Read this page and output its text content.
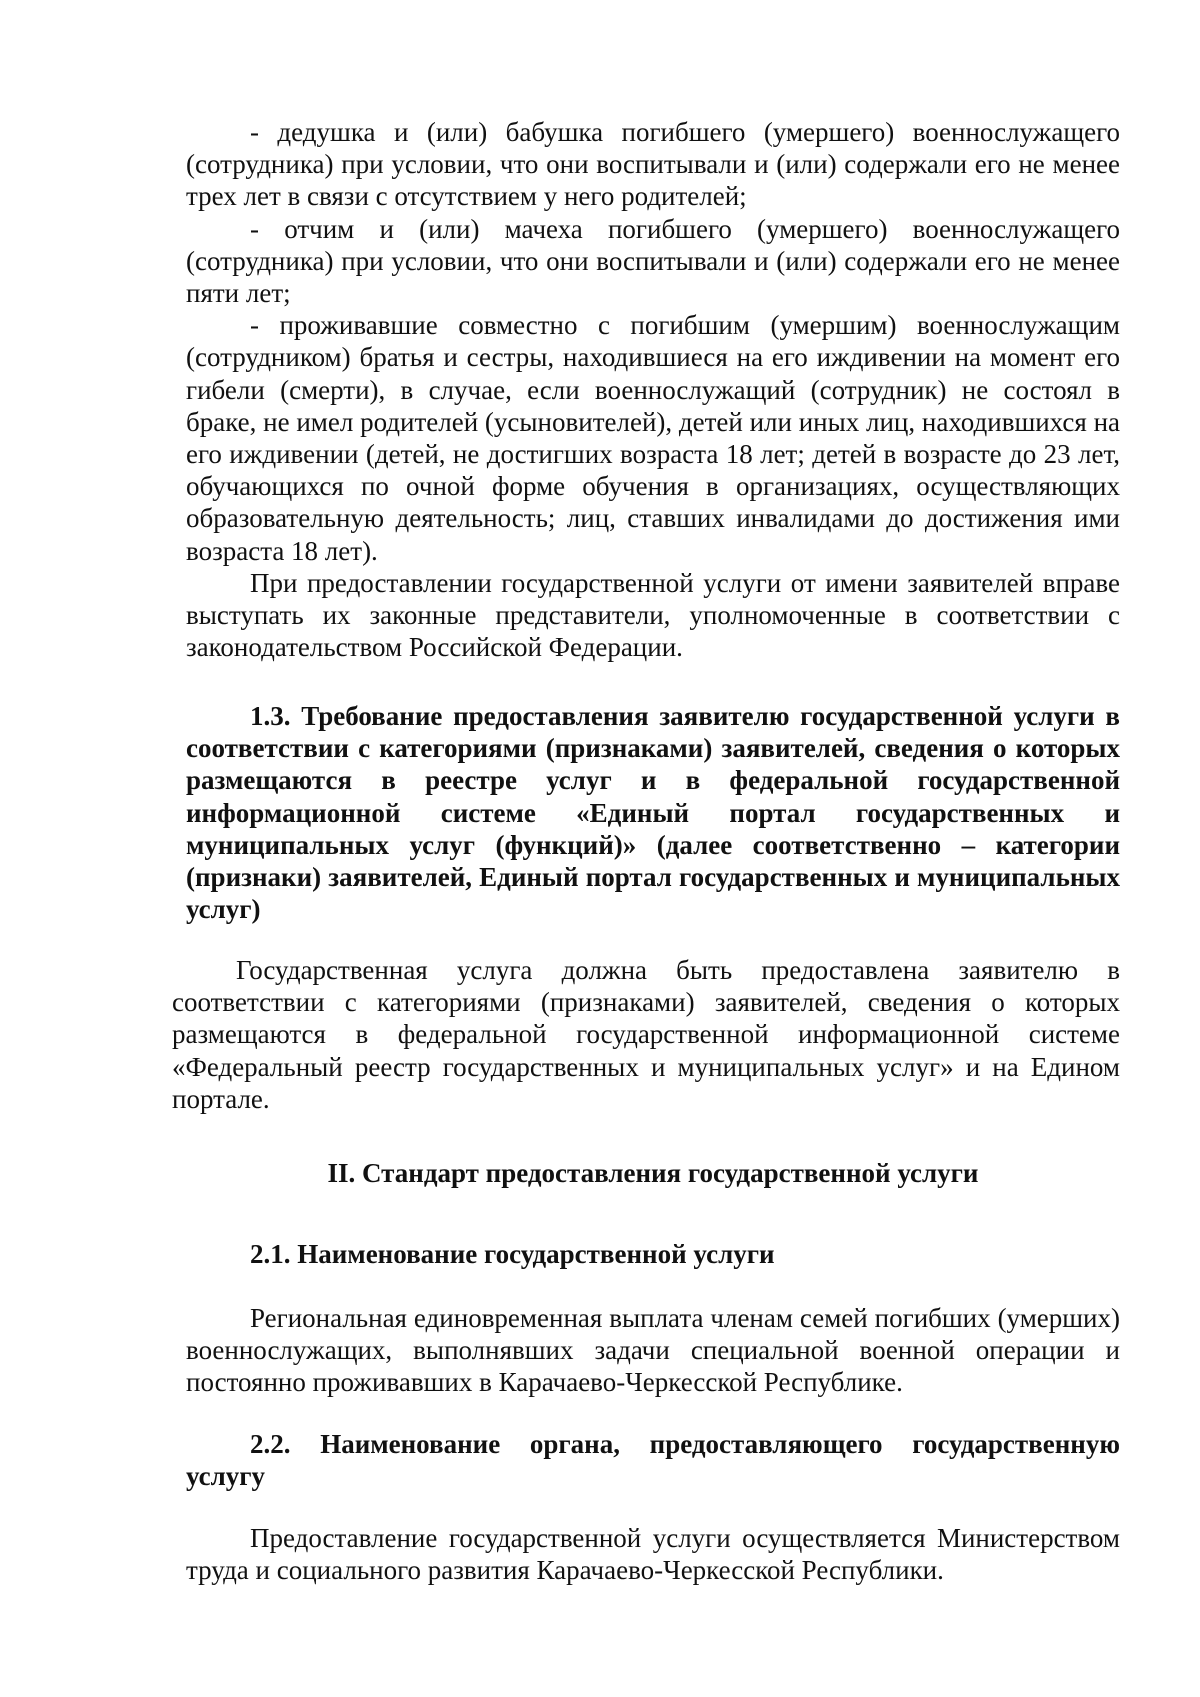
- дедушка и (или) бабушка погибшего (умершего) военнослужащего (сотрудника) при условии, что они воспитывали и (или) содержали его не менее трех лет в связи с отсутствием у него родителей;

- отчим и (или) мачеха погибшего (умершего) военнослужащего (сотрудника) при условии, что они воспитывали и (или) содержали его не менее пяти лет;

- проживавшие совместно с погибшим (умершим) военнослужащим (сотрудником) братья и сестры, находившиеся на его иждивении на момент его гибели (смерти), в случае, если военнослужащий (сотрудник) не состоял в браке, не имел родителей (усыновителей), детей или иных лиц, находившихся на его иждивении (детей, не достигших возраста 18 лет; детей в возрасте до 23 лет, обучающихся по очной форме обучения в организациях, осуществляющих образовательную деятельность; лиц, ставших инвалидами до достижения ими возраста 18 лет).

При предоставлении государственной услуги от имени заявителей вправе выступать их законные представители, уполномоченные в соответствии с законодательством Российской Федерации.

1.3. Требование предоставления заявителю государственной услуги в соответствии с категориями (признаками) заявителей, сведения о которых размещаются в реестре услуг и в федеральной государственной информационной системе «Единый портал государственных и муниципальных услуг (функций)» (далее соответственно – категории (признаки) заявителей, Единый портал государственных и муниципальных услуг)

Государственная услуга должна быть предоставлена заявителю в соответствии с категориями (признаками) заявителей, сведения о которых размещаются в федеральной государственной информационной системе «Федеральный реестр государственных и муниципальных услуг» и на Едином портале.

II. Стандарт предоставления государственной услуги

2.1. Наименование государственной услуги

Региональная единовременная выплата членам семей погибших (умерших) военнослужащих, выполнявших задачи специальной военной операции и постоянно проживавших в Карачаево-Черкесской Республике.

2.2. Наименование органа, предоставляющего государственную услугу

Предоставление государственной услуги осуществляется Министерством труда и социального развития Карачаево-Черкесской Республики.
